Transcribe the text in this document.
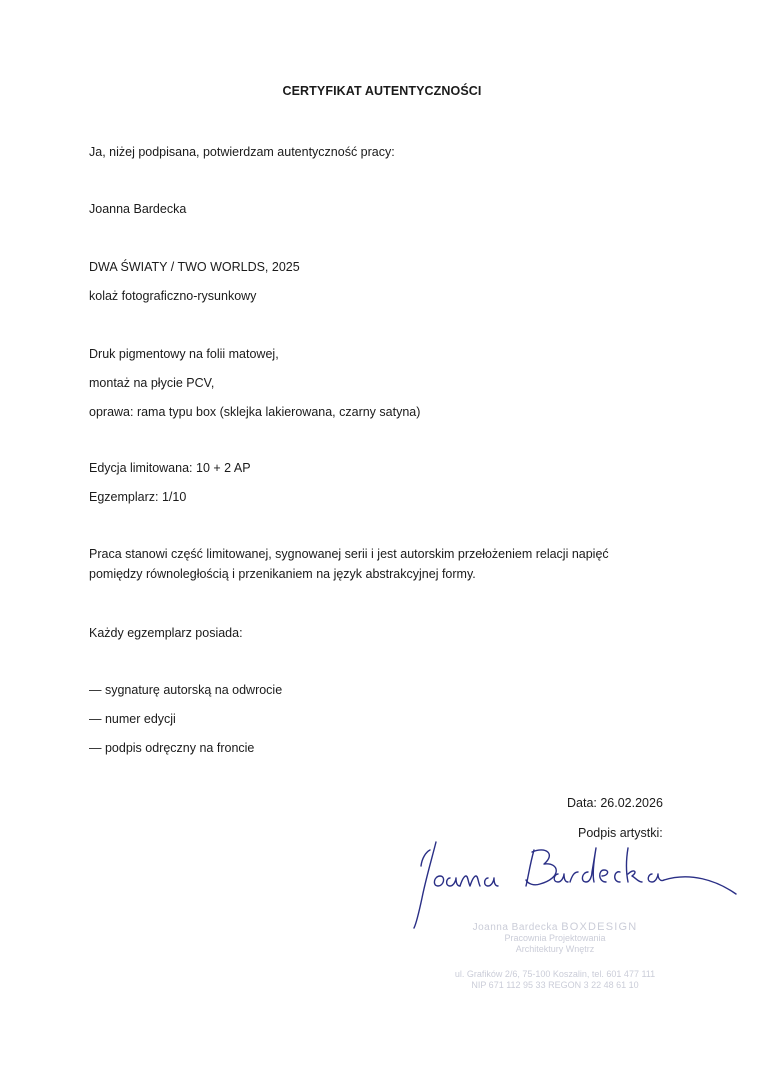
CERTYFIKAT AUTENTYCZNOŚCI
Ja, niżej podpisana, potwierdzam autentyczność pracy:
Joanna Bardecka
DWA ŚWIATY / TWO WORLDS, 2025
kolaż fotograficzno-rysunkowy
Druk pigmentowy na folii matowej,
montaż na płycie PCV,
oprawa: rama typu box (sklejka lakierowana, czarny satyna)
Edycja limitowana: 10 + 2 AP
Egzemplarz: 1/10
Praca stanowi część limitowanej, sygnowanej serii i jest autorskim przełożeniem relacji napięć
pomiędzy równoległością i przenikaniem na język abstrakcyjnej formy.
Każdy egzemplarz posiada:
— sygnaturę autorską na odwrocie
— numer edycji
— podpis odręczny na froncie
Data: 26.02.2026
Podpis artystki:
Joanna Bardecka BOXDESIGN
Pracownia Projektowania
Architektury Wnętrz
ul. Grafików 2/6, 75-100 Koszalin, tel. 601 477 111
NIP 671 112 95 33 REGON 3 22 48 61 10
